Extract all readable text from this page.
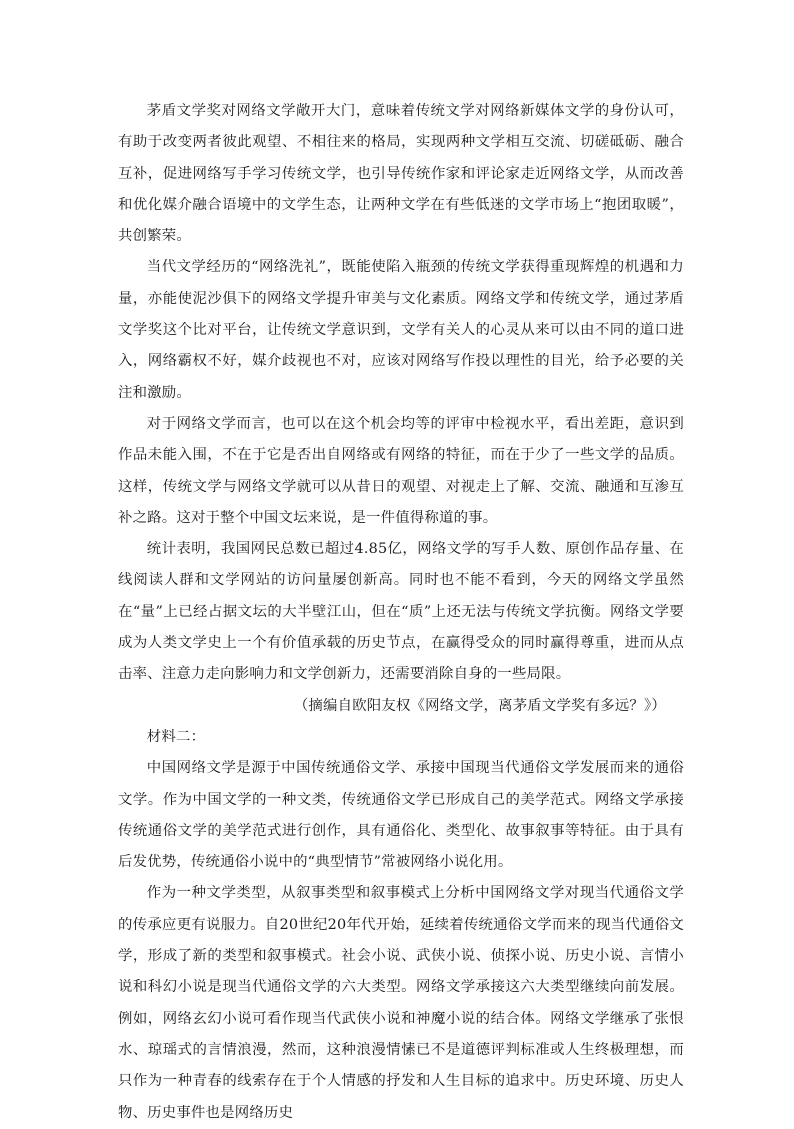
茅盾文学奖对网络文学敞开大门，意味着传统文学对网络新媒体文学的身份认可，有助于改变两者彼此观望、不相往来的格局，实现两种文学相互交流、切磋砥砺、融合互补，促进网络写手学习传统文学，也引导传统作家和评论家走近网络文学，从而改善和优化媒介融合语境中的文学生态，让两种文学在有些低迷的文学市场上“抱团取暖”，共创繁荣。

当代文学经历的“网络洗礼”，既能使陷入瓶颈的传统文学获得重现辉煌的机遇和力量，亦能使泥沙俱下的网络文学提升审美与文化素质。网络文学和传统文学，通过茅盾文学奖这个比对平台，让传统文学意识到，文学有关人的心灵从来可以由不同的道口进入，网络霸权不好，媒介歧视也不对，应该对网络写作投以理性的目光，给予必要的关注和激励。

对于网络文学而言，也可以在这个机会均等的评审中检视水平，看出差距，意识到作品未能入围，不在于它是否出自网络或有网络的特征，而在于少了一些文学的品质。这样，传统文学与网络文学就可以从昔日的观望、对视走上了解、交流、融通和互渗互补之路。这对于整个中国文坛来说，是一件值得称道的事。

统计表明，我国网民总数已超过4.85亿，网络文学的写手人数、原创作品存量、在线阅读人群和文学网站的访问量屡创新高。同时也不能不看到，今天的网络文学虽然在“量”上已经占据文坛的大半壁江山，但在“质”上还无法与传统文学抗衡。网络文学要成为人类文学史上一个有价值承载的历史节点，在赢得受众的同时赢得尊重，进而从点击率、注意力走向影响力和文学创新力，还需要消除自身的一些局限。

（摘编自欧阳友权《网络文学，离茅盾文学奖有多远？》）

材料二：

中国网络文学是源于中国传统通俗文学、承接中国现当代通俗文学发展而来的通俗文学。作为中国文学的一种文类，传统通俗文学已形成自己的美学范式。网络文学承接传统通俗文学的美学范式进行创作，具有通俗化、类型化、故事叙事等特征。由于具有后发优势，传统通俗小说中的“典型情节”常被网络小说化用。

作为一种文学类型，从叙事类型和叙事模式上分析中国网络文学对现当代通俗文学的传承应更有说服力。自20世纪20年代开始，延续着传统通俗文学而来的现当代通俗文学，形成了新的类型和叙事模式。社会小说、武侠小说、侦探小说、历史小说、言情小说和科幻小说是现当代通俗文学的六大类型。网络文学承接这六大类型继续向前发展。例如，网络玄幻小说可看作现当代武侠小说和神魔小说的结合体。网络文学继承了张恨水、琼瑶式的言情浪漫，然而，这种浪漫情愫已不是道德评判标准或人生终极理想，而只作为一种青春的线索存在于个人情感的抒发和人生目标的追求中。历史环境、历史人物、历史事件也是网络历史
